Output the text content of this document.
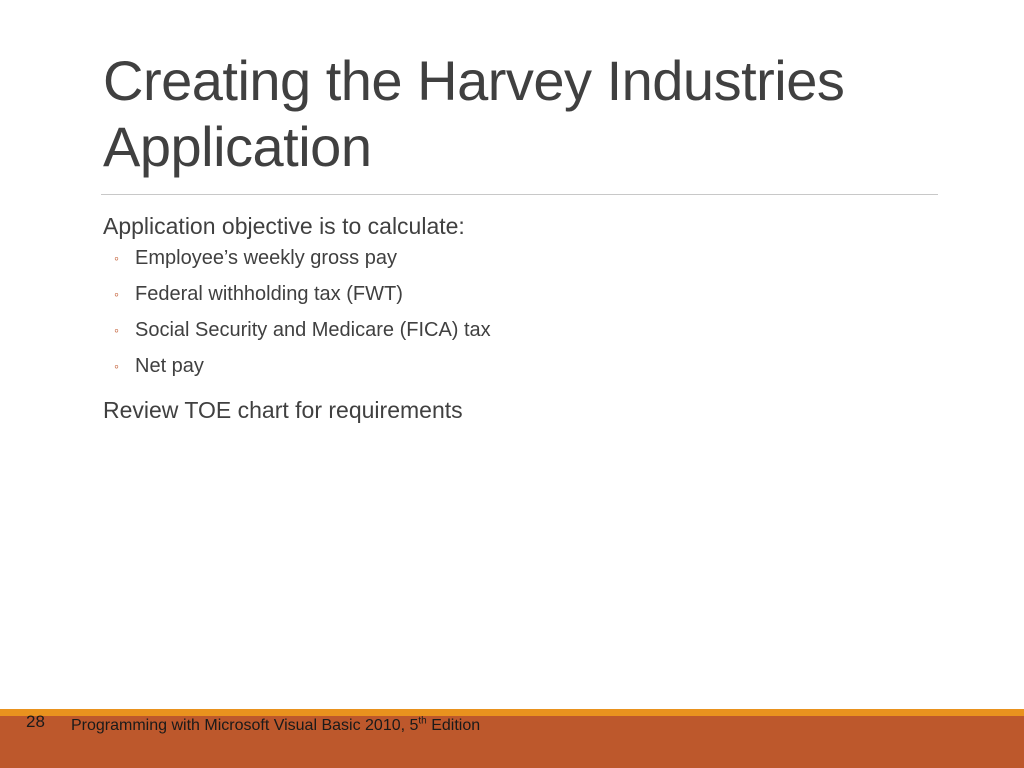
Creating the Harvey Industries Application

Application objective is to calculate:

◦ Employee’s weekly gross pay
◦ Federal withholding tax (FWT)
◦ Social Security and Medicare (FICA) tax
◦ Net pay

Review TOE chart for requirements

28 Programming with Microsoft Visual Basic 2010, 5th Edition
